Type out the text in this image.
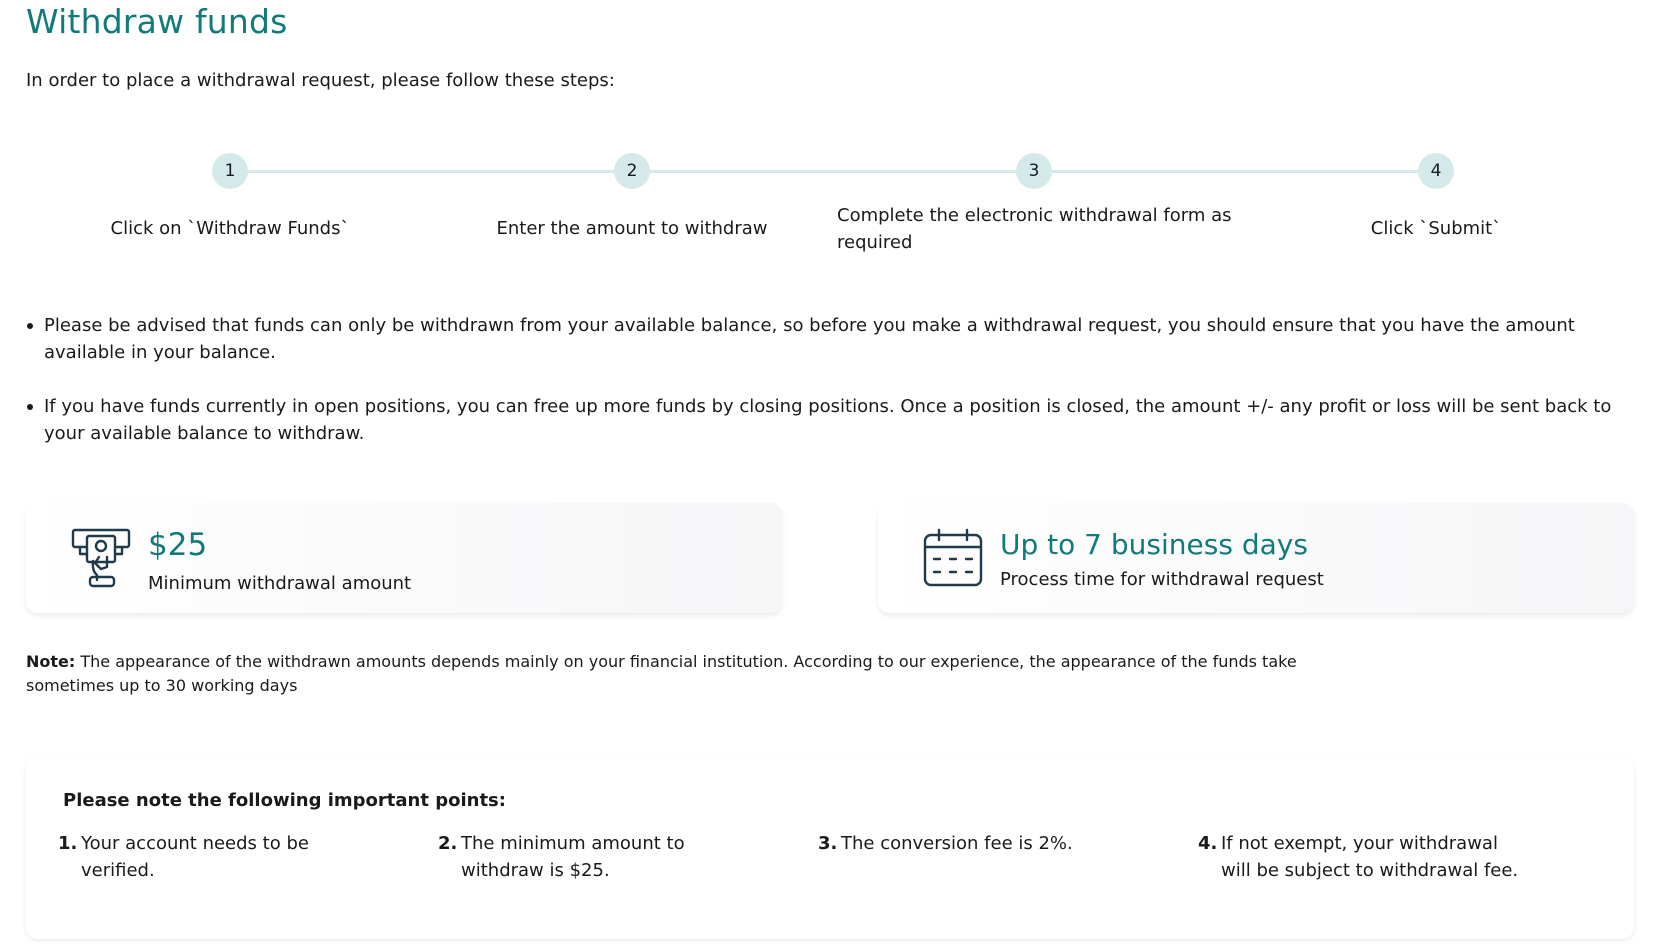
Withdraw funds

In order to place a withdrawal request, please follow these steps:

1
Click on `Withdraw Funds`
2
Enter the amount to withdraw
3
Complete the electronic withdrawal form as required
4
Click `Submit`
Please be advised that funds can only be withdrawn from your available balance, so before you make a withdrawal request, you should ensure that you have the amount available in your balance.
If you have funds currently in open positions, you can free up more funds by closing positions. Once a position is closed, the amount +/- any profit or loss will be sent back to your available balance to withdraw.
$25
Minimum withdrawal amount
Up to 7 business days
Process time for withdrawal request

Note: The appearance of the withdrawn amounts depends mainly on your financial institution. According to our experience, the appearance of the funds take sometimes up to 30 working days

Please note the following important points:

1. Your account needs to be verified.
2. The minimum amount to withdraw is $25.
3. The conversion fee is 2%.	4. If not exempt, your withdrawal will be subject to withdrawal fee.
